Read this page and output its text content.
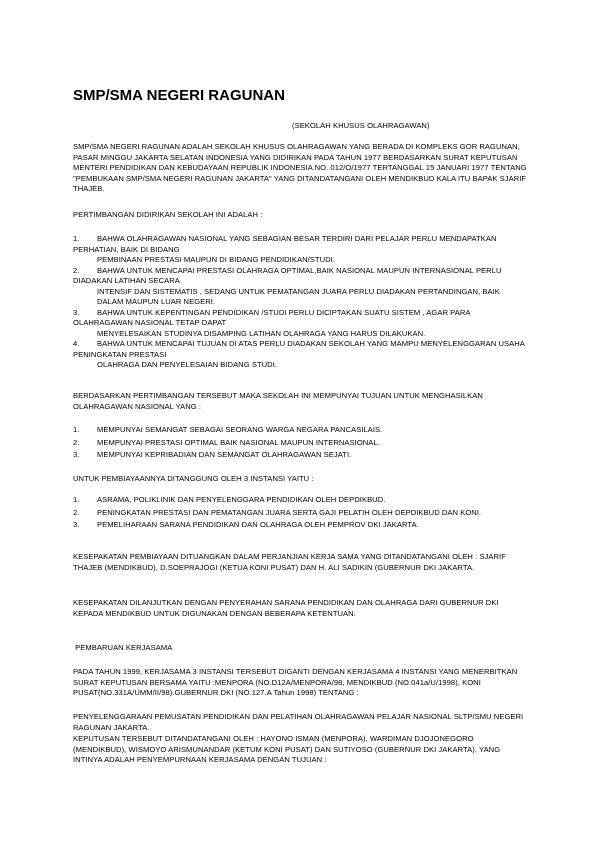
SMP/SMA NEGERI RAGUNAN

(SEKOLAH KHUSUS OLAHRAGAWAN)

SMP/SMA NEGERI RAGUNAN ADALAH SEKOLAH KHUSUS OLAHRAGAWAN YANG BERADA DI KOMPLEKS GOR RAGUNAN, PASAR MINGGU JAKARTA SELATAN INDONESIA YANG DIDIRIKAN PADA TAHUN 1977 BERDASARKAN SURAT KEPUTUSAN MENTERI PENDIDIKAN DAN KEBUDAYAAN REPUBLIK INDONESIA NO. 012/O/1977 TERTANGGAL 15 JANUARI 1977 TENTANG "PEMBUKAAN SMP/SMA NEGERI RAGUNAN JAKARTA" YANG DITANDATANGANI OLEH MENDIKBUD KALA ITU BAPAK SJARIF THAJEB.

PERTIMBANGAN DIDIRIKAN SEKOLAH INI ADALAH :

1. BAHWA OLAHRAGAWAN NASIONAL YANG SEBAGIAN BESAR TERDIRI DARI PELAJAR PERLU MENDAPATKAN PERHATIAN, BAIK DI BIDANG

PEMBINAAN PRESTASI MAUPUN DI BIDANG PENDIDIKAN/STUDI.

2. BAHWA UNTUK MENCAPAI PRESTASI OLAHRAGA OPTIMAL,BAIK NASIONAL MAUPUN INTERNASIONAL PERLU DIADAKAN LATIHAN SECARA

INTENSIF DAN SISTEMATIS , SEDANG UNTUK PEMATANGAN JUARA PERLU DIADAKAN PERTANDINGAN, BAIK DALAM MAUPUN LUAR NEGERI.

3. BAHWA UNTUK KEPENTINGAN PENDIDIKAN /STUDI PERLU DICIPTAKAN SUATU SISTEM , AGAR PARA OLAHRAGAWAN NASIONAL TETAP DAPAT

MENYELESAIKAN STUDINYA DISAMPING LATIHAN OLAHRAGA YANG HARUS DILAKUKAN.

4. BAHWA UNTUK MENCAPAI TUJUAN DI ATAS PERLU DIADAKAN SEKOLAH YANG MAMPU MENYELENGGARAN USAHA PENINGKATAN PRESTASI

OLAHRAGA DAN PENYELESAIAN BIDANG STUDI.

BERDASARKAN PERTIMBANGAN TERSEBUT MAKA SEKOLAH INI MEMPUNYAI TUJUAN UNTUK MENGHASILKAN OLAHRAGAWAN NASIONAL YANG :

1. MEMPUNYAI SEMANGAT SEBAGAI SEORANG WARGA NEGARA PANCASILAIS.

2. MEMPUNYAI PRESTASI OPTIMAL BAIK NASIONAL MAUPUN INTERNASIONAL.

3. MEMPUNYAI KEPRIBADIAN DAN SEMANGAT OLAHRAGAWAN SEJATI.

UNTUK PEMBIAYAANNYA DITANGGUNG OLEH 3 INSTANSI YAITU :

1. ASRAMA, POLIKLINIK DAN PENYELENGGARA PENDIDIKAN OLEH DEPDIKBUD.

2. PENINGKATAN PRESTASI DAN PEMATANGAN JUARA SERTA GAJI PELATIH OLEH DEPDIKBUD DAN KONI.

3. PEMELIHARAAN SARANA PENDIDIKAN DAN OLAHRAGA OLEH PEMPROV DKI JAKARTA.

KESEPAKATAN PEMBIAYAAN DITUANGKAN DALAM PERJANJIAN KERJA SAMA YANG DITANDATANGANI OLEH : SJARIF THAJEB (MENDIKBUD), D.SOEPRAJOGI (KETUA KONI PUSAT) DAN H. ALI SADIKIN (GUBERNUR DKI JAKARTA.

KESEPAKATAN DILANJUTKAN DENGAN PENYERAHAN SARANA PENDIDIKAN DAN OLAHRAGA DARI GUBERNUR DKI KEPADA MENDIKBUD UNTUK DIGUNAKAN DENGAN BEBERAPA KETENTUAN.

PEMBARUAN KERJASAMA

PADA TAHUN 1999, KERJASAMA 3 INSTANSI TERSEBUT DIGANTI DENGAN KERJASAMA 4 INSTANSI YANG MENERBITKAN SURAT KEPUTUSAN BERSAMA YAITU :MENPORA (NO.D12A/MENPORA/98, MENDIKBUD (NO.041a/U/1998), KONI PUSAT(NO.331A/UMM/II/98).GUBERNUR DKI (NO.127.A Tahun 1998) TENTANG :

PENYELENGGARAAN PEMUSATAN PENDIDIKAN DAN PELATIHAN OLAHRAGAWAN PELAJAR NASIONAL SLTP/SMU NEGERI RAGUNAN JAKARTA.

KEPUTUSAN TERSEBUT DITANDATANGANI OLEH : HAYONO ISMAN (MENPORA), WARDIMAN DJOJONEGORO (MENDIKBUD), WISMOYO ARISMUNANDAR (KETUM KONI PUSAT) DAN SUTIYOSO (GUBERNUR DKI JAKARTA). YANG INTINYA ADALAH PENYEMPURNAAN KERJASAMA DENGAN TUJUAN :
